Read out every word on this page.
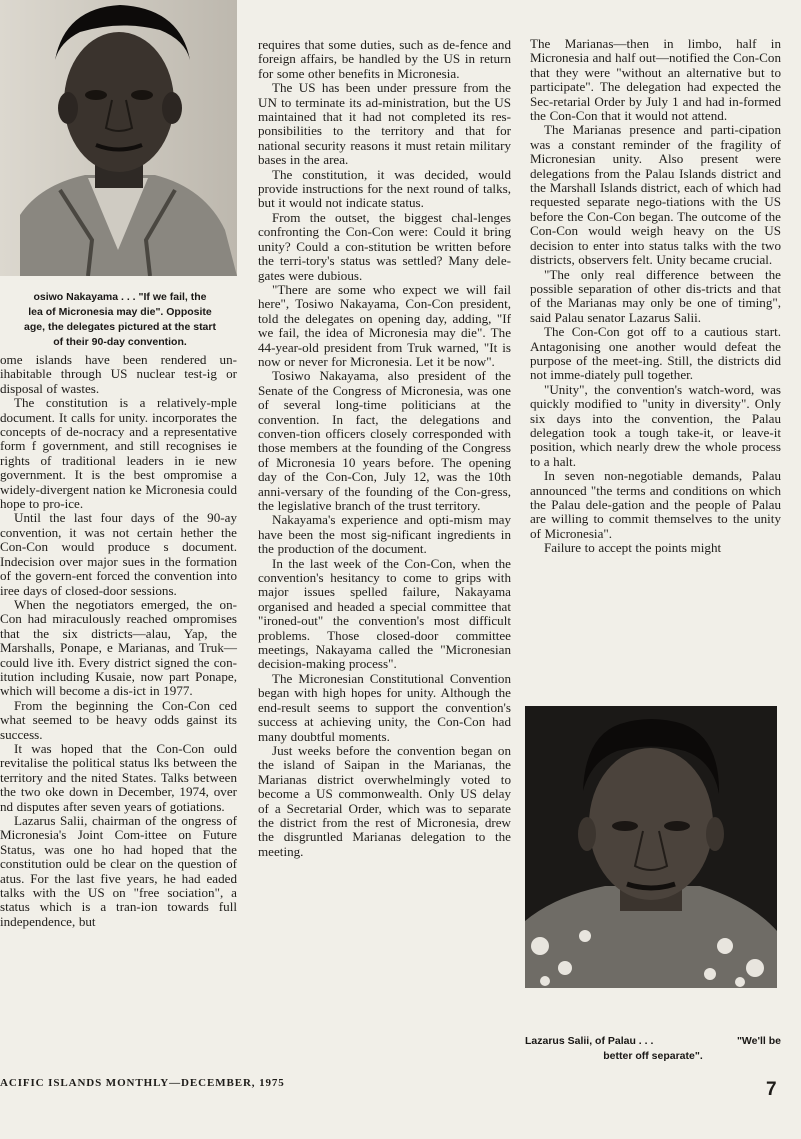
osiwo Nakayama . . . "If we fail, the
lea of Micronesia may die". Opposite
age, the delegates pictured at the start
of their 90-day convention.

ome islands have been rendered un-ihabitable through US nuclear test-ig or disposal of wastes.

The constitution is a relatively-mple document. It calls for unity. incorporates the concepts of de-nocracy and a representative form f government, and still recognises ie rights of traditional leaders in ie new government. It is the best ompromise a widely-divergent nation ke Micronesia could hope to pro-ice.

Until the last four days of the 90-ay convention, it was not certain hether the Con-Con would produce s document. Indecision over major sues in the formation of the govern-ent forced the convention into iree days of closed-door sessions.

When the negotiators emerged, the on-Con had miraculously reached ompromises that the six districts—alau, Yap, the Marshalls, Ponape, e Marianas, and Truk—could live ith. Every district signed the con-itution including Kusaie, now part Ponape, which will become a dis-ict in 1977.

From the beginning the Con-Con ced what seemed to be heavy odds gainst its success.

It was hoped that the Con-Con ould revitalise the political status lks between the territory and the nited States. Talks between the two oke down in December, 1974, over nd disputes after seven years of gotiations.

Lazarus Salii, chairman of the ongress of Micronesia's Joint Com-ittee on Future Status, was one ho had hoped that the constitution ould be clear on the question of atus. For the last five years, he had eaded talks with the US on "free sociation", a status which is a tran-ion towards full independence, but

requires that some duties, such as de-fence and foreign affairs, be handled by the US in return for some other benefits in Micronesia.

The US has been under pressure from the UN to terminate its ad-ministration, but the US maintained that it had not completed its res-ponsibilities to the territory and that for national security reasons it must retain military bases in the area.

The constitution, it was decided, would provide instructions for the next round of talks, but it would not indicate status.

From the outset, the biggest chal-lenges confronting the Con-Con were: Could it bring unity? Could a con-stitution be written before the terri-tory's status was settled? Many dele-gates were dubious.

"There are some who expect we will fail here", Tosiwo Nakayama, Con-Con president, told the delegates on opening day, adding, "If we fail, the idea of Micronesia may die". The 44-year-old president from Truk warned, "It is now or never for Micronesia. Let it be now".

Tosiwo Nakayama, also president of the Senate of the Congress of Micronesia, was one of several long-time politicians at the convention. In fact, the delegations and conven-tion officers closely corresponded with those members at the founding of the Congress of Micronesia 10 years before. The opening day of the Con-Con, July 12, was the 10th anni-versary of the founding of the Con-gress, the legislative branch of the trust territory.

Nakayama's experience and opti-mism may have been the most sig-nificant ingredients in the production of the document.

In the last week of the Con-Con, when the convention's hesitancy to come to grips with major issues spelled failure, Nakayama organised and headed a special committee that "ironed-out" the convention's most difficult problems. Those closed-door committee meetings, Nakayama called the "Micronesian decision-making process".

The Micronesian Constitutional Convention began with high hopes for unity. Although the end-result seems to support the convention's success at achieving unity, the Con-Con had many doubtful moments.

Just weeks before the convention began on the island of Saipan in the Marianas, the Marianas district overwhelmingly voted to become a US commonwealth. Only US delay of a Secretarial Order, which was to separate the district from the rest of Micronesia, drew the disgruntled Marianas delegation to the meeting.

The Marianas—then in limbo, half in Micronesia and half out—notified the Con-Con that they were "without an alternative but to participate". The delegation had expected the Sec-retarial Order by July 1 and had in-formed the Con-Con that it would not attend.

The Marianas presence and parti-cipation was a constant reminder of the fragility of Micronesian unity. Also present were delegations from the Palau Islands district and the Marshall Islands district, each of which had requested separate nego-tiations with the US before the Con-Con began. The outcome of the Con-Con would weigh heavy on the US decision to enter into status talks with the two districts, observers felt. Unity became crucial.

"The only real difference between the possible separation of other dis-tricts and that of the Marianas may only be one of timing", said Palau senator Lazarus Salii.

The Con-Con got off to a cautious start. Antagonising one another would defeat the purpose of the meet-ing. Still, the districts did not imme-diately pull together.

"Unity", the convention's watch-word, was quickly modified to "unity in diversity". Only six days into the convention, the Palau delegation took a tough take-it, or leave-it position, which nearly drew the whole process to a halt.

In seven non-negotiable demands, Palau announced "the terms and conditions on which the Palau dele-gation and the people of Palau are willing to commit themselves to the unity of Micronesia".

Failure to accept the points might

Lazarus Salii, of Palau . . .	"We'll be
better off separate".
ACIFIC ISLANDS MONTHLY—DECEMBER, 1975	7
